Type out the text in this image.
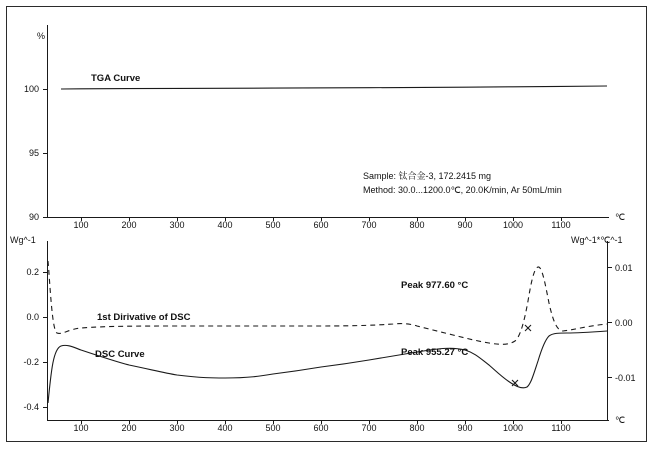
%
℃
90
95
100
100	200	300	400	500	600	700	800	900	1000	1100
TGA Curve
Sample: 钛合金-3, 172.2415 mg
Method: 30.0...1200.0℃, 20.0K/min, Ar 50mL/min
Wg^-1	Wg^-1*℃^-1
℃
-0.4
-0.2
0.0
0.2	0.01
0.00
-0.01
100	200	300	400	500	600	700	800	900	1000	1100
1st Dirivative of DSC
DSC Curve
Peak 977.60 °C
Peak 955.27 °C
